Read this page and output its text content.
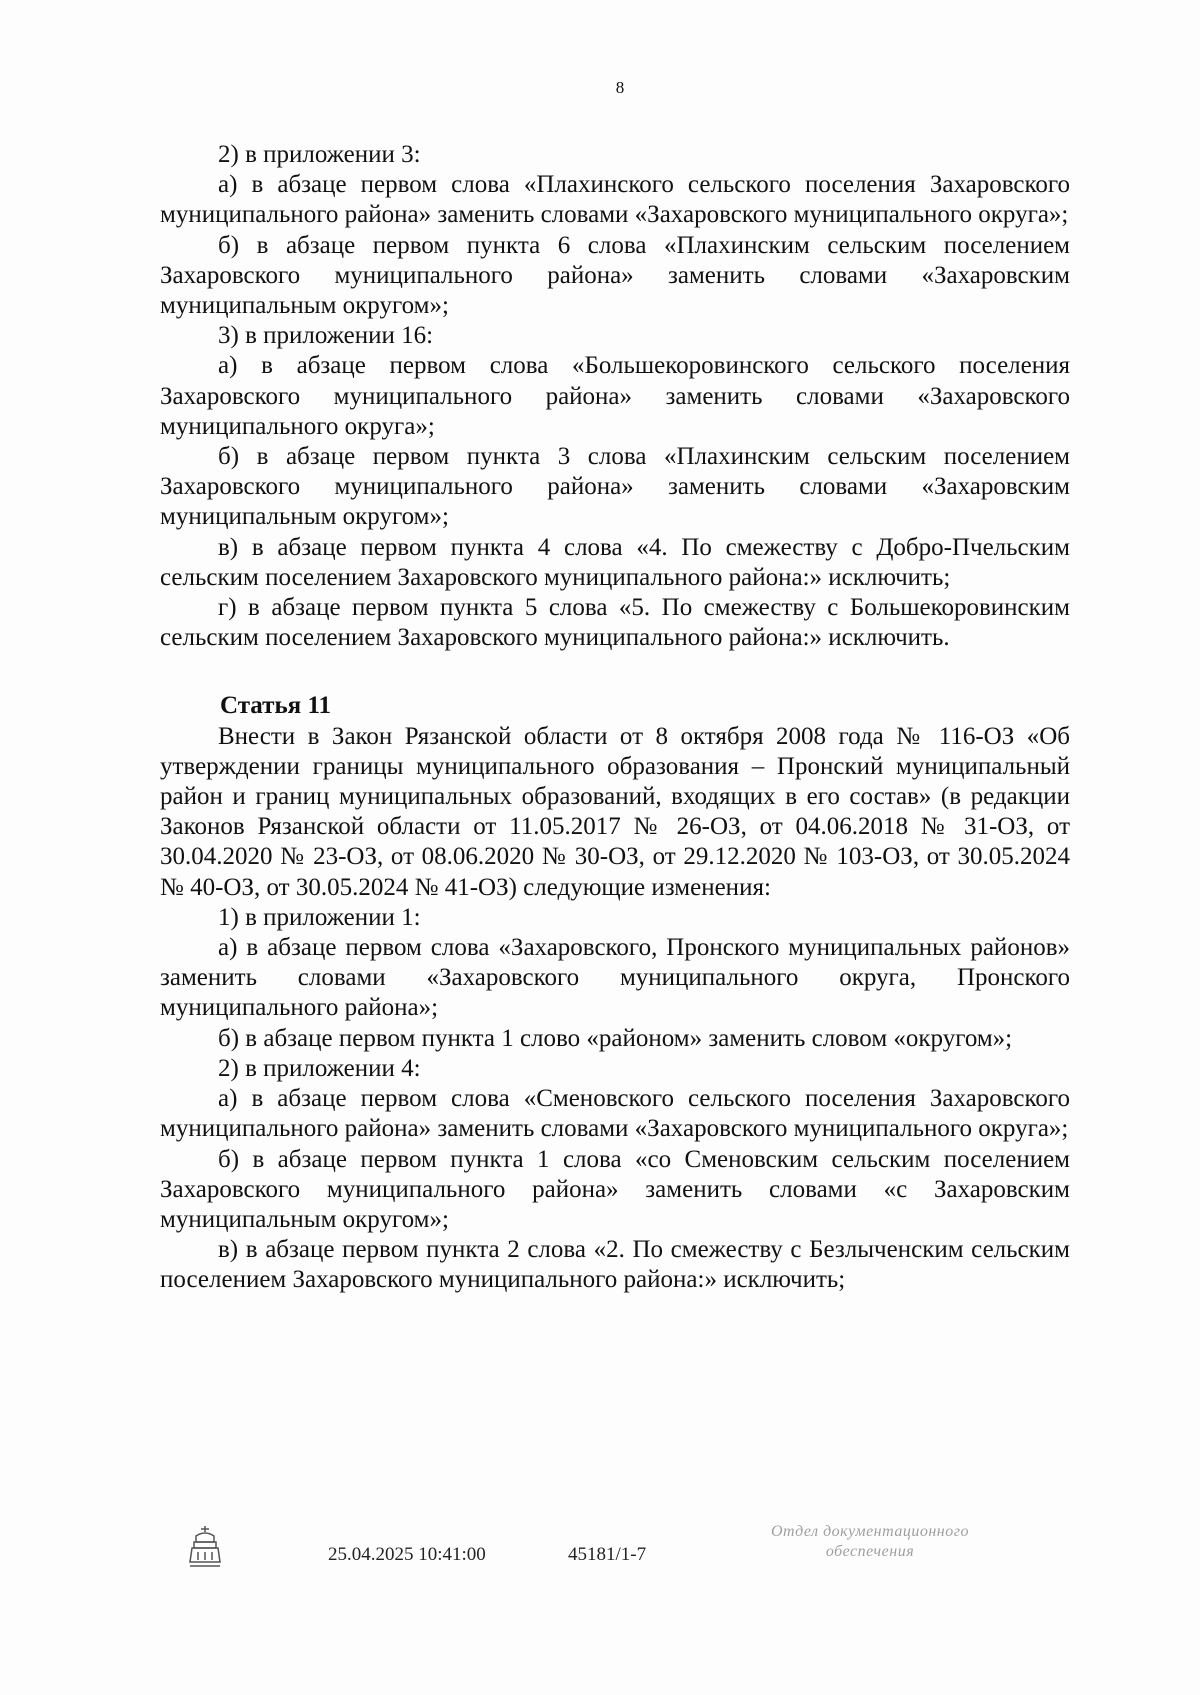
8

2) в приложении 3:

а) в абзаце первом слова «Плахинского сельского поселения Захаровского муниципального района» заменить словами «Захаровского муниципального округа»;

б) в абзаце первом пункта 6 слова «Плахинским сельским поселением Захаровского муниципального района» заменить словами «Захаровским муниципальным округом»;

3) в приложении 16:

а) в абзаце первом слова «Большекоровинского сельского поселения Захаровского муниципального района» заменить словами «Захаровского муниципального округа»;

б) в абзаце первом пункта 3 слова «Плахинским сельским поселением Захаровского муниципального района» заменить словами «Захаровским муниципальным округом»;

в) в абзаце первом пункта 4 слова «4. По смежеству с Добро-Пчельским сельским поселением Захаровского муниципального района:» исключить;

г) в абзаце первом пункта 5 слова «5. По смежеству с Большекоровинским сельским поселением Захаровского муниципального района:» исключить.

Статья 11

Внести в Закон Рязанской области от 8 октября 2008 года № 116-ОЗ «Об утверждении границы муниципального образования – Пронский муниципальный район и границ муниципальных образований, входящих в его состав» (в редакции Законов Рязанской области от 11.05.2017 № 26-ОЗ, от 04.06.2018 № 31-ОЗ, от 30.04.2020 № 23-ОЗ, от 08.06.2020 № 30-ОЗ, от 29.12.2020 № 103-ОЗ, от 30.05.2024 № 40-ОЗ, от 30.05.2024 № 41-ОЗ) следующие изменения:

1) в приложении 1:

а) в абзаце первом слова «Захаровского, Пронского муниципальных районов» заменить словами «Захаровского муниципального округа, Пронского муниципального района»;

б) в абзаце первом пункта 1 слово «районом» заменить словом «округом»;

2) в приложении 4:

а) в абзаце первом слова «Сменовского сельского поселения Захаровского муниципального района» заменить словами «Захаровского муниципального округа»;

б) в абзаце первом пункта 1 слова «со Сменовским сельским поселением Захаровского муниципального района» заменить словами «с Захаровским муниципальным округом»;

в) в абзаце первом пункта 2 слова «2. По смежеству с Безлыченским сельским поселением Захаровского муниципального района:» исключить;

25.04.2025 10:41:00	45181/1-7
Отдел документационного
обеспечения
